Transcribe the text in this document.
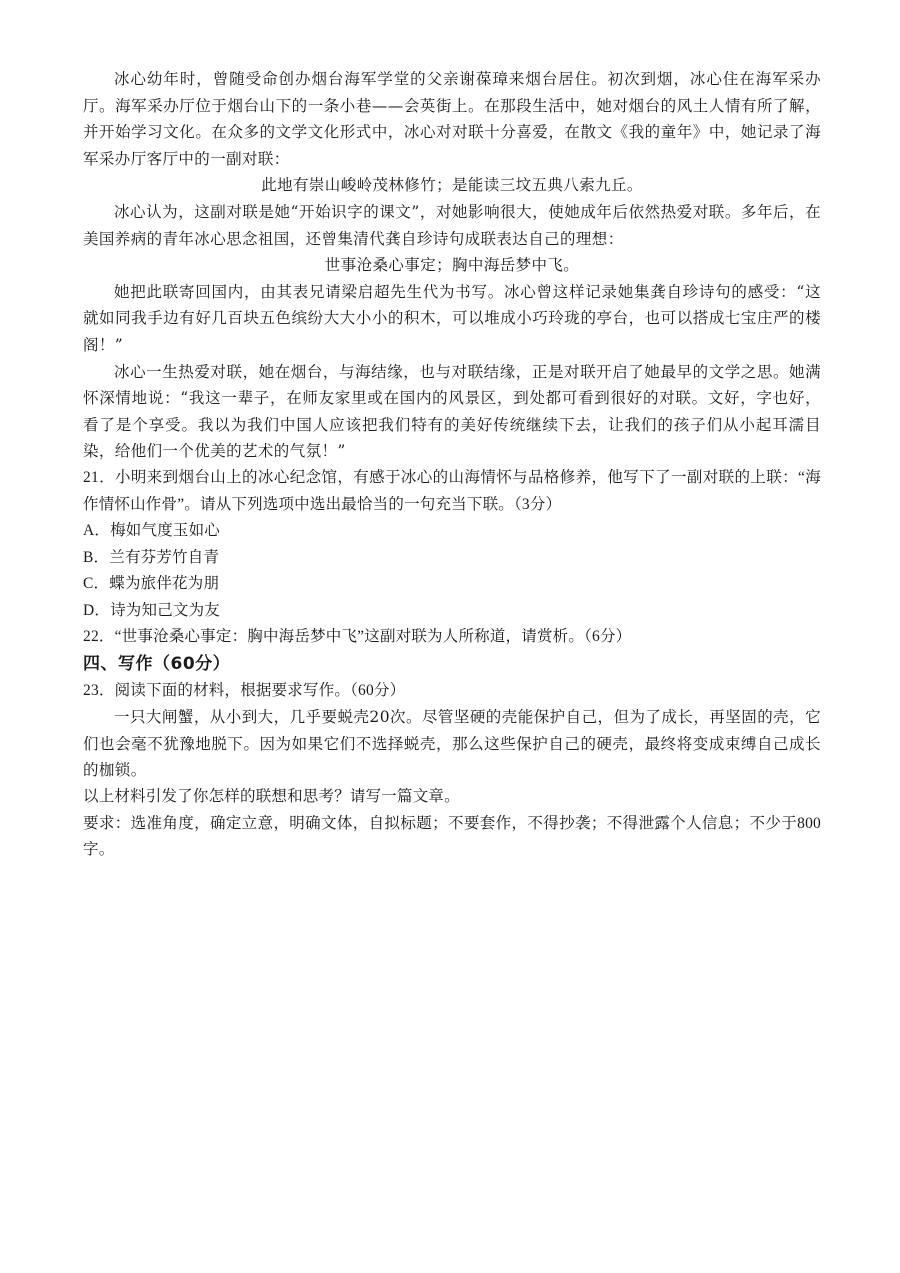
冰心幼年时，曾随受命创办烟台海军学堂的父亲谢葆璋来烟台居住。初次到烟，冰心住在海军采办厅。海军采办厅位于烟台山下的一条小巷——会英街上。在那段生活中，她对烟台的风土人情有所了解，并开始学习文化。在众多的文学文化形式中，冰心对对联十分喜爱，在散文《我的童年》中，她记录了海军采办厅客厅中的一副对联：

此地有崇山峻岭茂林修竹；是能读三坟五典八索九丘。

冰心认为，这副对联是她“开始识字的课文”，对她影响很大，使她成年后依然热爱对联。多年后，在美国养病的青年冰心思念祖国，还曾集清代龚自珍诗句成联表达自己的理想：

世事沧桑心事定；胸中海岳梦中飞。

她把此联寄回国内，由其表兄请梁启超先生代为书写。冰心曾这样记录她集龚自珍诗句的感受：“这就如同我手边有好几百块五色缤纷大大小小的积木，可以堆成小巧玲珑的亭台，也可以搭成七宝庄严的楼阁！”

冰心一生热爱对联，她在烟台，与海结缘，也与对联结缘，正是对联开启了她最早的文学之思。她满怀深情地说：“我这一辈子，在师友家里或在国内的风景区，到处都可看到很好的对联。文好，字也好，看了是个享受。我以为我们中国人应该把我们特有的美好传统继续下去，让我们的孩子们从小起耳濡目染，给他们一个优美的艺术的气氛！”

21．小明来到烟台山上的冰心纪念馆，有感于冰心的山海情怀与品格修养，他写下了一副对联的上联：“海作情怀山作骨”。请从下列选项中选出最恰当的一句充当下联。（3分）

A．梅如气度玉如心

B．兰有芬芳竹自青

C．蝶为旅伴花为朋

D．诗为知己文为友

22．“世事沧桑心事定：胸中海岳梦中飞”这副对联为人所称道，请赏析。（6分）

四、写作（60分）

23．阅读下面的材料，根据要求写作。（60分）

一只大闸蟹，从小到大，几乎要蜕壳20次。尽管坚硬的壳能保护自己，但为了成长，再坚固的壳，它们也会毫不犹豫地脱下。因为如果它们不选择蜕壳，那么这些保护自己的硬壳，最终将变成束缚自己成长的枷锁。

以上材料引发了你怎样的联想和思考？请写一篇文章。

要求：选准角度，确定立意，明确文体，自拟标题；不要套作，不得抄袭；不得泄露个人信息；不少于800字。
